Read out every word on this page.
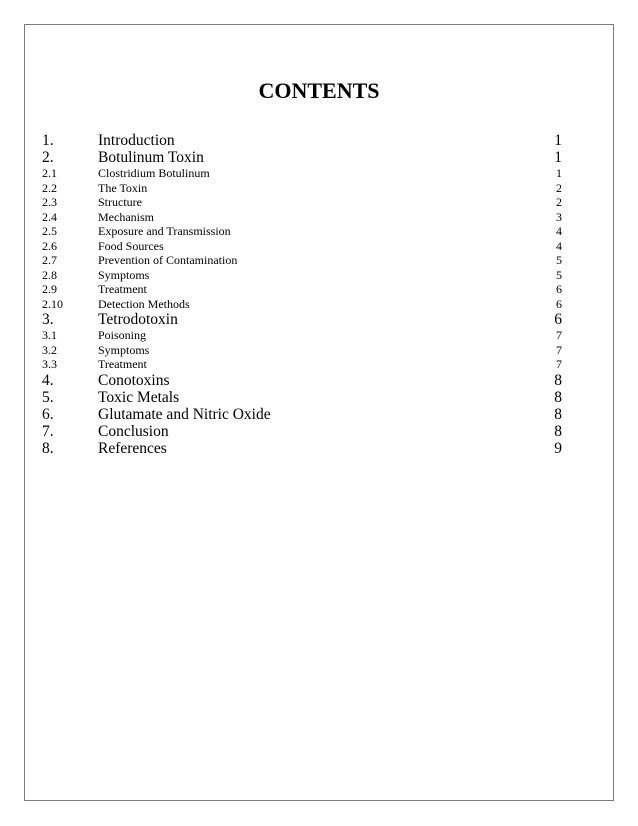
CONTENTS
1.	Introduction	1
2.	Botulinum Toxin	1
2.1	Clostridium Botulinum	1
2.2	The Toxin	2
2.3	Structure	2
2.4	Mechanism	3
2.5	Exposure and Transmission	4
2.6	Food Sources	4
2.7	Prevention of Contamination	5
2.8	Symptoms	5
2.9	Treatment	6
2.10	Detection Methods	6
3.	Tetrodotoxin	6
3.1	Poisoning	7
3.2	Symptoms	7
3.3	Treatment	7
4.	Conotoxins	8
5.	Toxic Metals	8
6.	Glutamate and Nitric Oxide	8
7.	Conclusion	8
8.	References	9
